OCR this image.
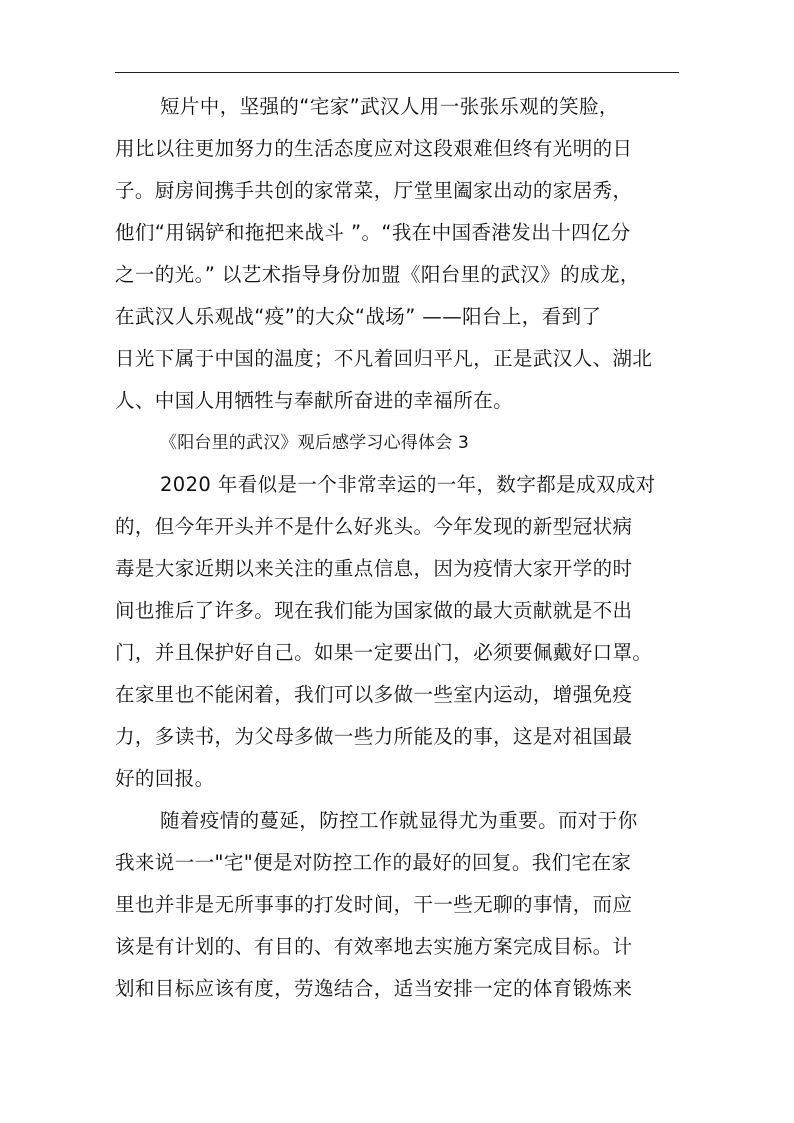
短片中，坚强的“宅家”武汉人用一张张乐观的笑脸，
用比以往更加努力的生活态度应对这段艰难但终有光明的日
子。厨房间携手共创的家常菜，厅堂里阖家出动的家居秀，
他们“用锅铲和拖把来战斗 ”。“我在中国香港发出十四亿分
之一的光。” 以艺术指导身份加盟《阳台里的武汉》的成龙，
在武汉人乐观战“疫”的大众“战场” ——阳台上，看到了
日光下属于中国的温度；不凡着回归平凡，正是武汉人、湖北
人、中国人用牺牲与奉献所奋进的幸福所在。
《阳台里的武汉》观后感学习心得体会 3
2020 年看似是一个非常幸运的一年，数字都是成双成对
的，但今年开头并不是什么好兆头。今年发现的新型冠状病
毒是大家近期以来关注的重点信息，因为疫情大家开学的时
间也推后了许多。现在我们能为国家做的最大贡献就是不出
门，并且保护好自己。如果一定要出门，必须要佩戴好口罩。
在家里也不能闲着，我们可以多做一些室内运动，增强免疫
力，多读书，为父母多做一些力所能及的事，这是对祖国最
好的回报。
随着疫情的蔓延，防控工作就显得尤为重要。而对于你
我来说一一"宅"便是对防控工作的最好的回复。我们宅在家
里也并非是无所事事的打发时间，干一些无聊的事情，而应
该是有计划的、有目的、有效率地去实施方案完成目标。计
划和目标应该有度，劳逸结合，适当安排一定的体育锻炼来
